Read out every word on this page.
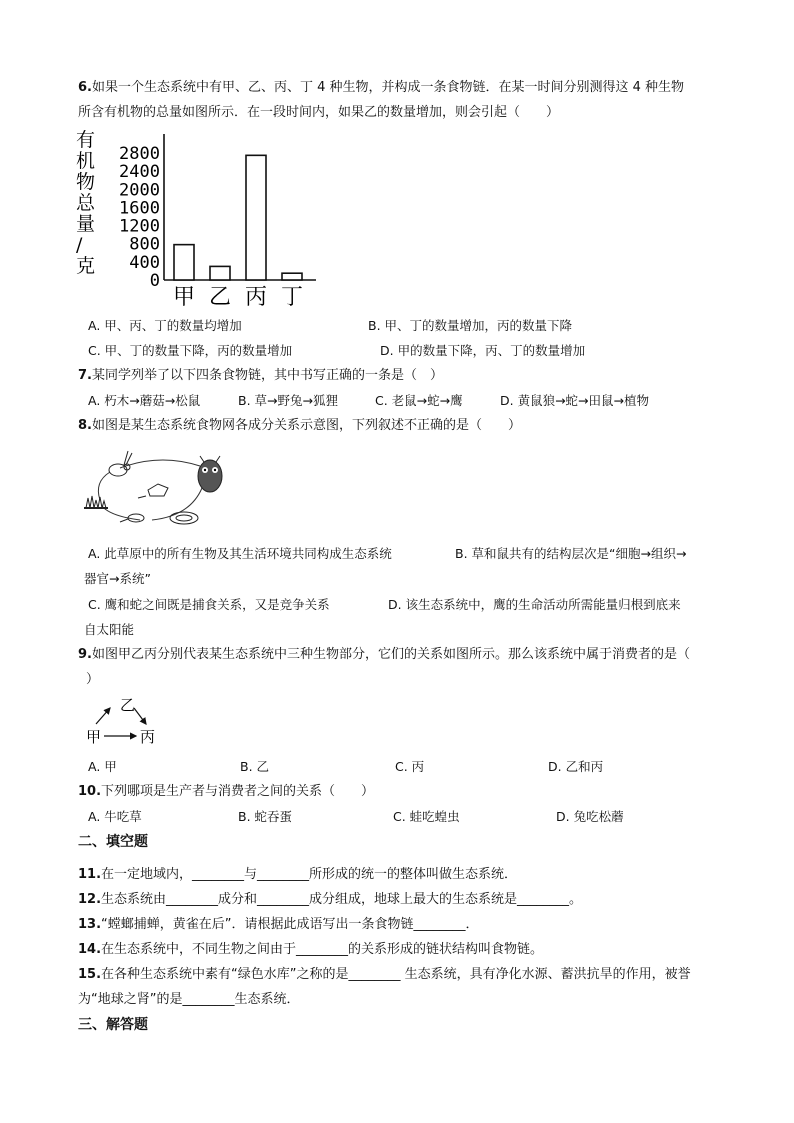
6.如果一个生态系统中有甲、乙、丙、丁 4 种生物，并构成一条食物链．在某一时间分别测得这 4 种生物
所含有机物的总量如图所示．在一段时间内，如果乙的数量增加，则会引起（　　）
有
机
物
总
量
/
克
2800
2400
2000
1600
1200
800
400
0
甲 乙 丙 丁
A. 甲、丙、丁的数量均增加	B. 甲、丁的数量增加，丙的数量下降
C. 甲、丁的数量下降，丙的数量增加	D. 甲的数量下降，丙、丁的数量增加
7.某同学列举了以下四条食物链，其中书写正确的一条是（　）
A. 朽木→蘑菇→松鼠	B. 草→野兔→狐狸	C. 老鼠→蛇→鹰	D. 黄鼠狼→蛇→田鼠→植物
8.如图是某生态系统食物网各成分关系示意图，下列叙述不正确的是（　　）
A. 此草原中的所有生物及其生活环境共同构成生态系统	B. 草和鼠共有的结构层次是“细胞→组织→
器官→系统”
C. 鹰和蛇之间既是捕食关系，又是竞争关系	D. 该生态系统中，鹰的生命活动所需能量归根到底来
自太阳能
9.如图甲乙丙分别代表某生态系统中三种生物部分，它们的关系如图所示。那么该系统中属于消费者的是（
）
乙
甲	丙
A. 甲	B. 乙	C. 丙	D. 乙和丙
10.下列哪项是生产者与消费者之间的关系（　　）
A. 牛吃草	B. 蛇吞蛋	C. 蛙吃蝗虫	D. 兔吃松蘑
二、填空题
11.在一定地域内，________与________所形成的统一的整体叫做生态系统．
12.生态系统由________成分和________成分组成，地球上最大的生态系统是________。
13.“螳螂捕蝉，黄雀在后”．请根据此成语写出一条食物链________．
14.在生态系统中，不同生物之间由于________的关系形成的链状结构叫食物链。
15.在各种生态系统中素有“绿色水库”之称的是________ 生态系统，具有净化水源、蓄洪抗旱的作用，被誉
为“地球之肾”的是________生态系统．
三、解答题
